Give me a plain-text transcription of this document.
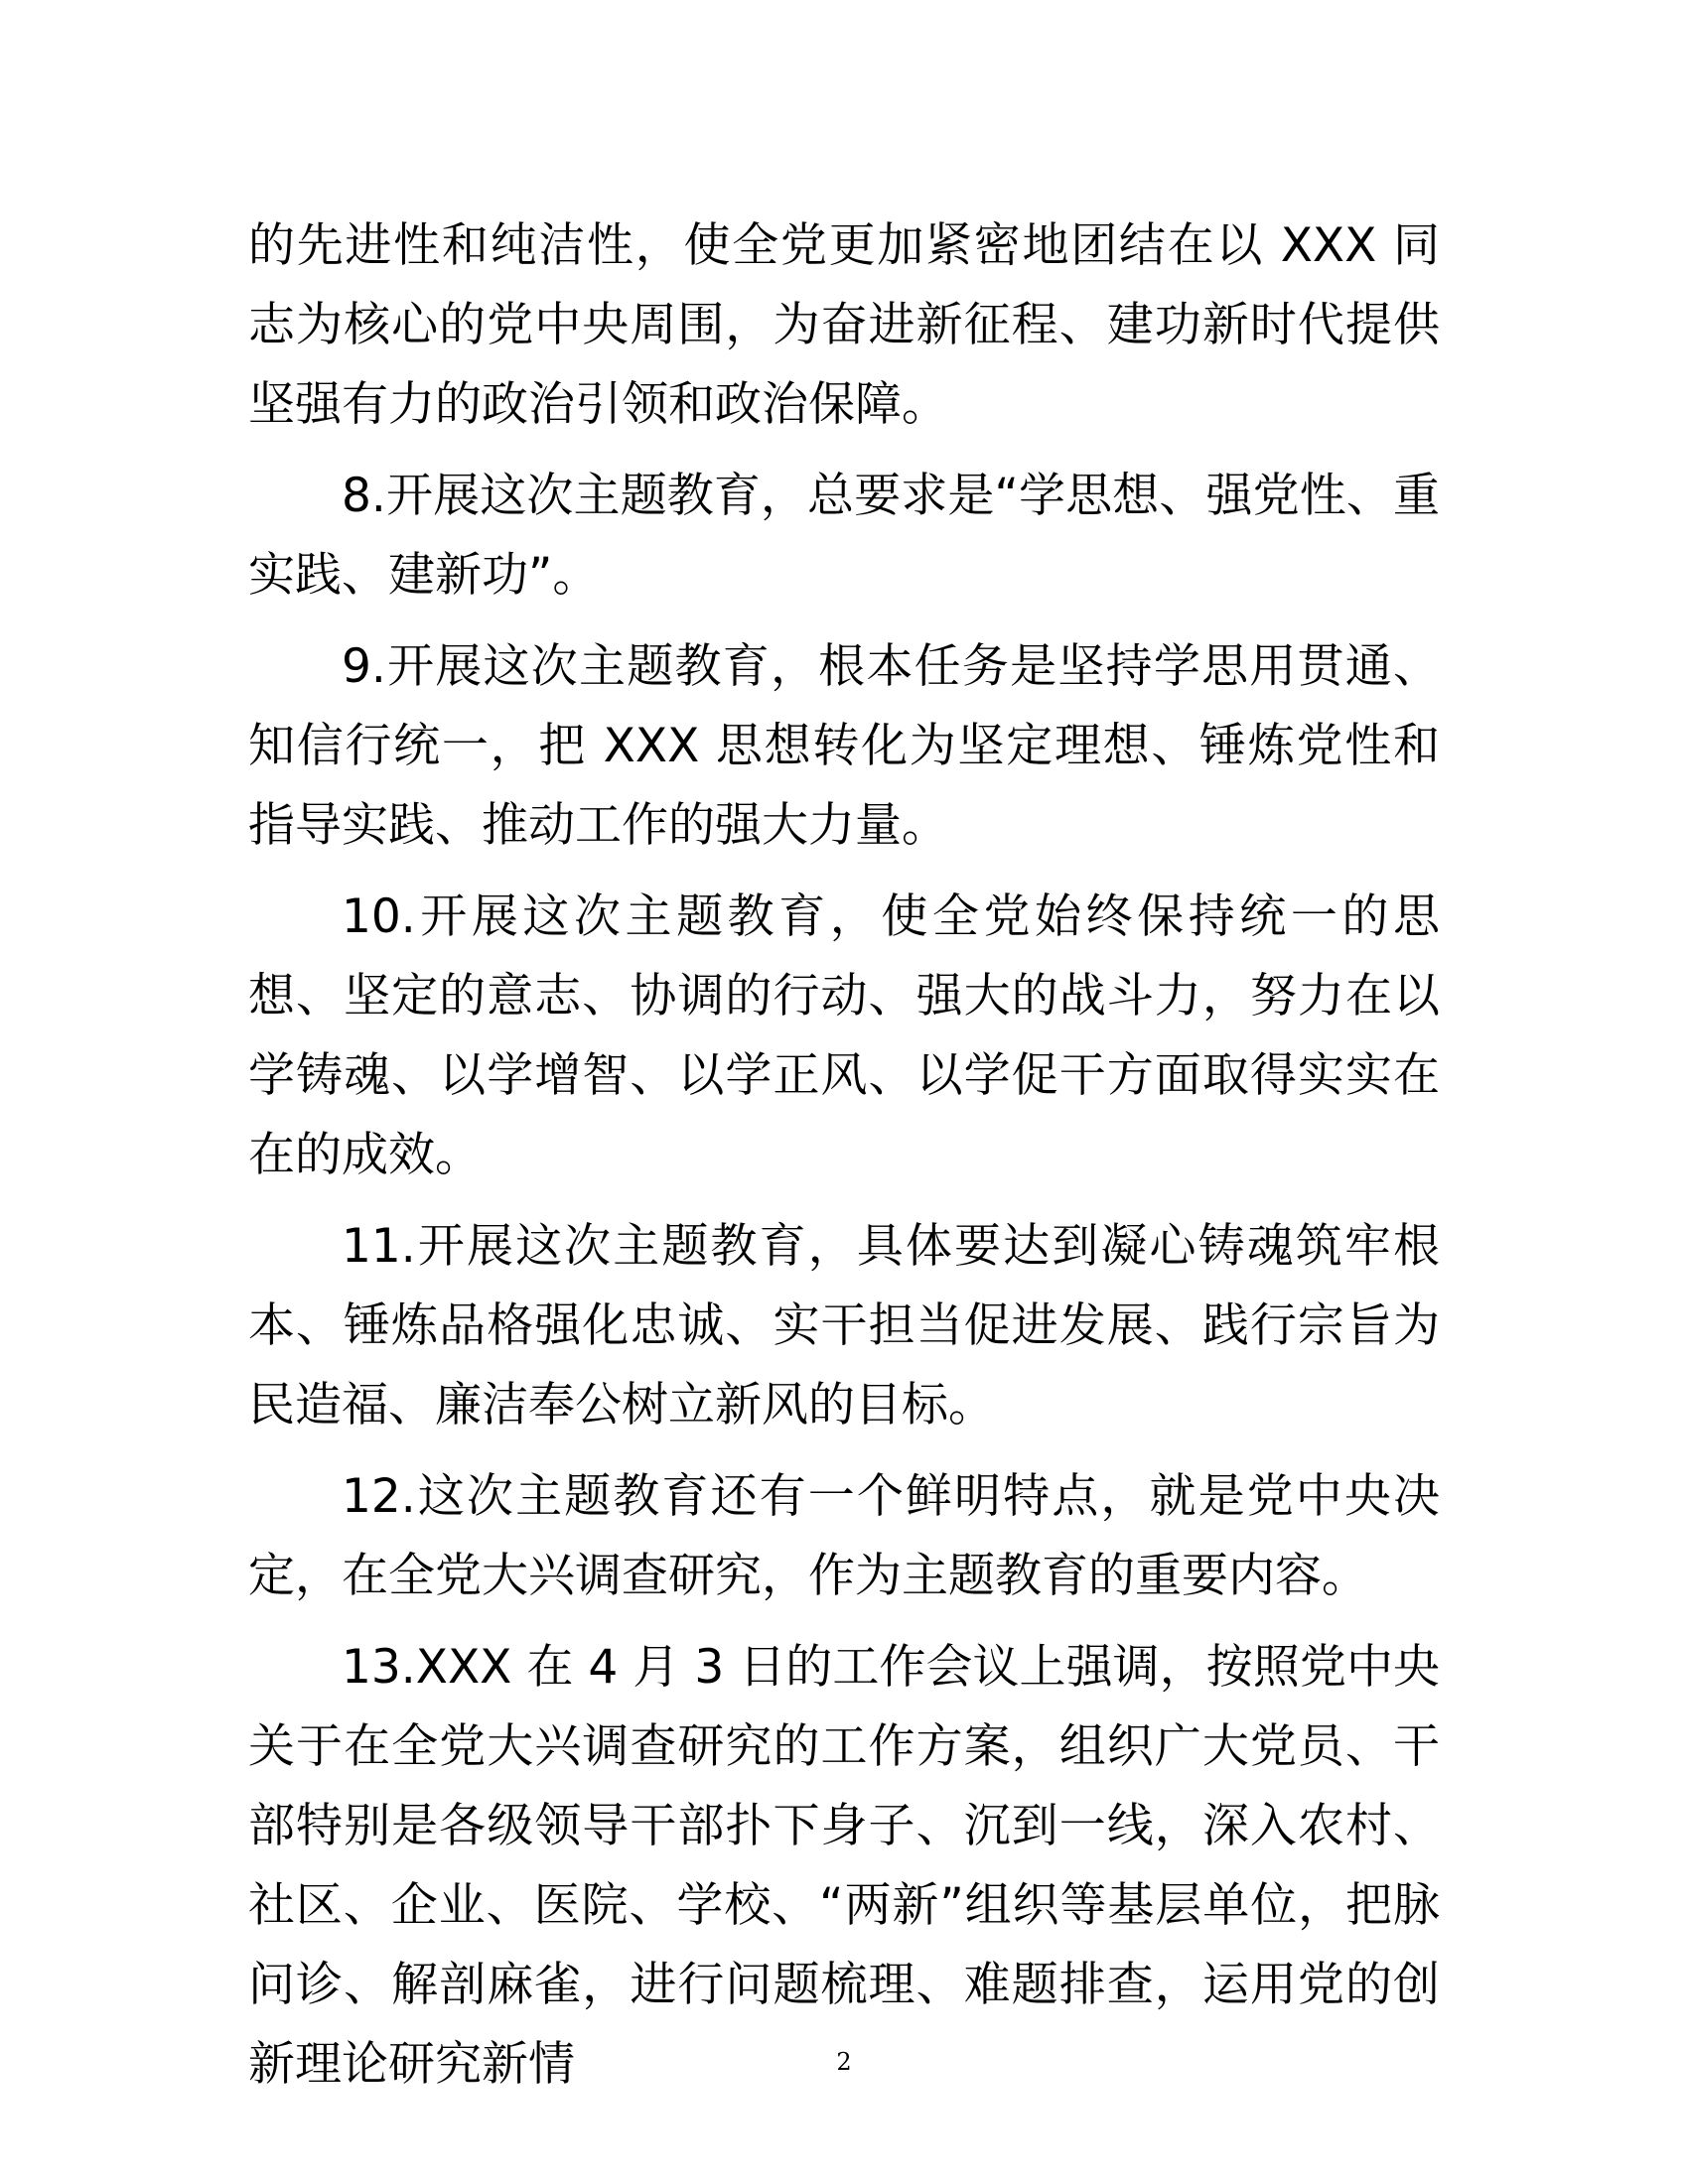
的先进性和纯洁性，使全党更加紧密地团结在以 XXX 同志为核心的党中央周围，为奋进新征程、建功新时代提供坚强有力的政治引领和政治保障。

8.开展这次主题教育，总要求是“学思想、强党性、重实践、建新功”。

9.开展这次主题教育，根本任务是坚持学思用贯通、知信行统一，把 XXX 思想转化为坚定理想、锤炼党性和指导实践、推动工作的强大力量。

10.开展这次主题教育，使全党始终保持统一的思想、坚定的意志、协调的行动、强大的战斗力，努力在以学铸魂、以学增智、以学正风、以学促干方面取得实实在在的成效。

11.开展这次主题教育，具体要达到凝心铸魂筑牢根本、锤炼品格强化忠诚、实干担当促进发展、践行宗旨为民造福、廉洁奉公树立新风的目标。

12.这次主题教育还有一个鲜明特点，就是党中央决定，在全党大兴调查研究，作为主题教育的重要内容。

13.XXX 在 4 月 3 日的工作会议上强调，按照党中央关于在全党大兴调查研究的工作方案，组织广大党员、干部特别是各级领导干部扑下身子、沉到一线，深入农村、社区、企业、医院、学校、“两新”组织等基层单位，把脉问诊、解剖麻雀，进行问题梳理、难题排查，运用党的创新理论研究新情	2
